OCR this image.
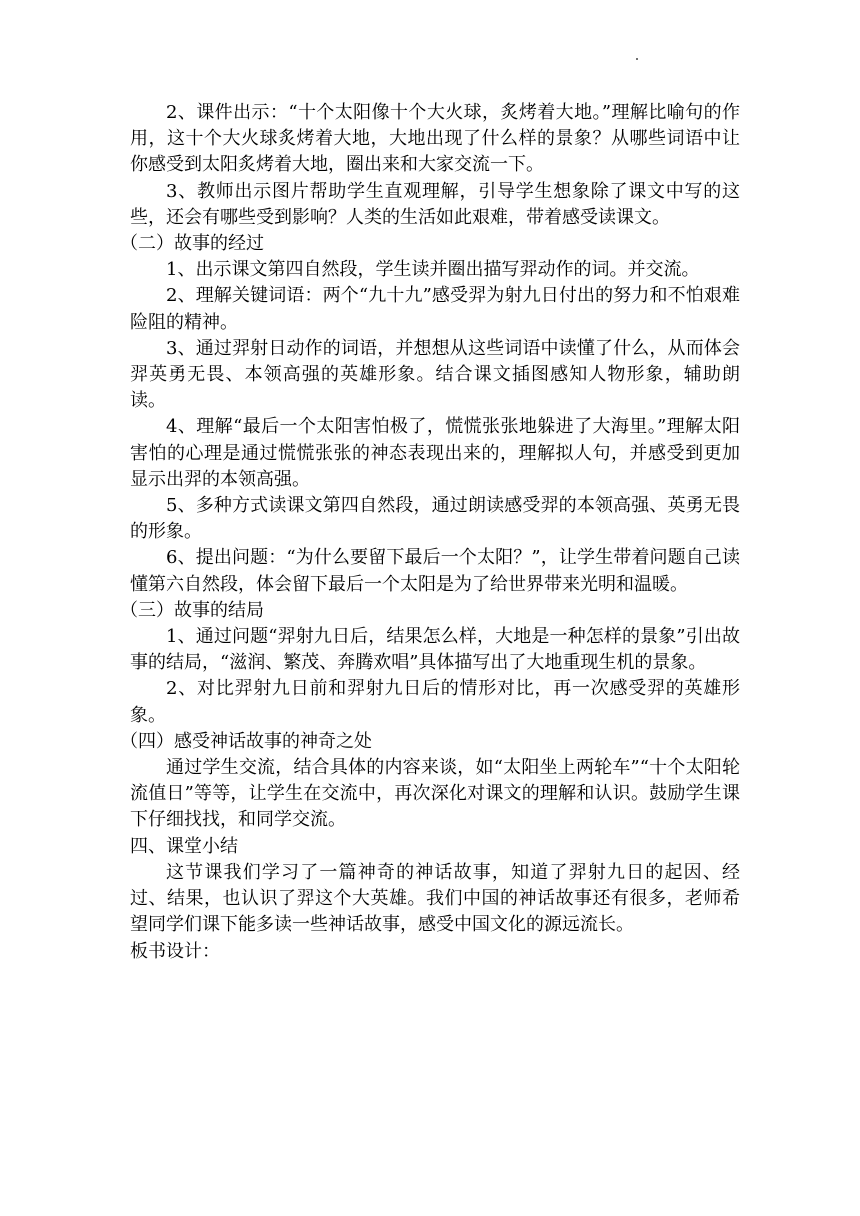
2、课件出示：“十个太阳像十个大火球，炙烤着大地。”理解比喻句的作用，这十个大火球炙烤着大地，大地出现了什么样的景象？从哪些词语中让你感受到太阳炙烤着大地，圈出来和大家交流一下。

3、教师出示图片帮助学生直观理解，引导学生想象除了课文中写的这些，还会有哪些受到影响？人类的生活如此艰难，带着感受读课文。

（二）故事的经过

1、出示课文第四自然段，学生读并圈出描写羿动作的词。并交流。

2、理解关键词语：两个“九十九”感受羿为射九日付出的努力和不怕艰难险阻的精神。

3、通过羿射日动作的词语，并想想从这些词语中读懂了什么，从而体会羿英勇无畏、本领高强的英雄形象。结合课文插图感知人物形象，辅助朗读。

4、理解“最后一个太阳害怕极了，慌慌张张地躲进了大海里。”理解太阳害怕的心理是通过慌慌张张的神态表现出来的，理解拟人句，并感受到更加显示出羿的本领高强。

5、多种方式读课文第四自然段，通过朗读感受羿的本领高强、英勇无畏的形象。

6、提出问题：“为什么要留下最后一个太阳？”，让学生带着问题自己读懂第六自然段，体会留下最后一个太阳是为了给世界带来光明和温暖。

（三）故事的结局

1、通过问题“羿射九日后，结果怎么样，大地是一种怎样的景象”引出故事的结局，“滋润、繁茂、奔腾欢唱”具体描写出了大地重现生机的景象。

2、对比羿射九日前和羿射九日后的情形对比，再一次感受羿的英雄形象。

（四）感受神话故事的神奇之处

通过学生交流，结合具体的内容来谈，如“太阳坐上两轮车”“十个太阳轮流值日”等等，让学生在交流中，再次深化对课文的理解和认识。鼓励学生课下仔细找找，和同学交流。

四、课堂小结

这节课我们学习了一篇神奇的神话故事，知道了羿射九日的起因、经过、结果，也认识了羿这个大英雄。我们中国的神话故事还有很多，老师希望同学们课下能多读一些神话故事，感受中国文化的源远流长。

板书设计：
